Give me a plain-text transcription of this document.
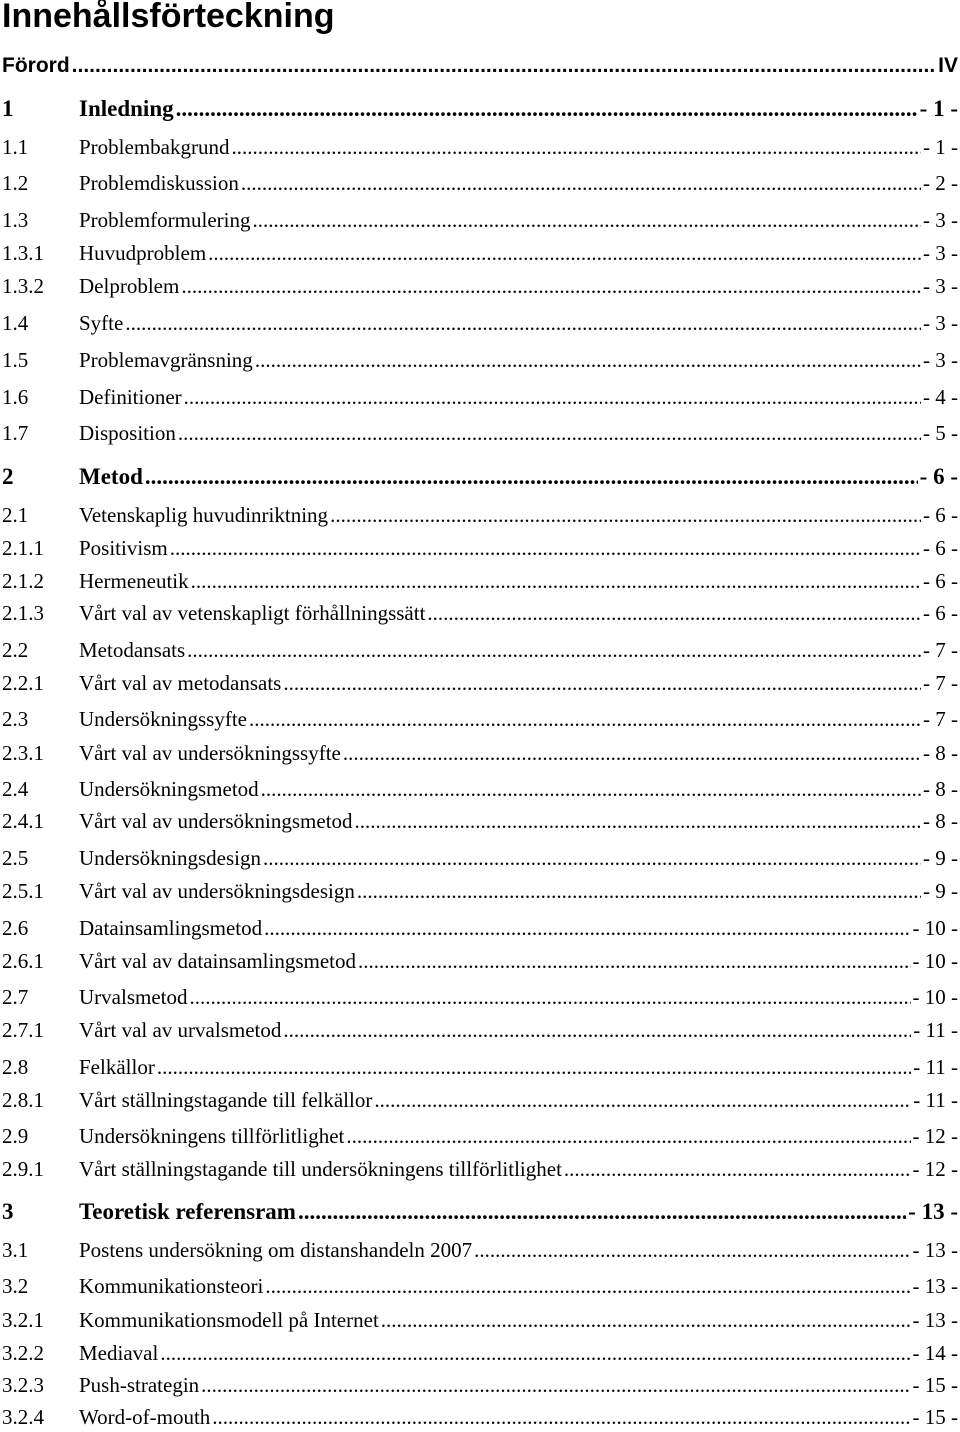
Innehållsförteckning
Förord .....	IV
1	Inledning .....	- 1 -
1.1	Problembakgrund .....	- 1 -
1.2	Problemdiskussion .....	- 2 -
1.3	Problemformulering .....	- 3 -
1.3.1	Huvudproblem .....	- 3 -
1.3.2	Delproblem .....	- 3 -
1.4	Syfte .....	- 3 -
1.5	Problemavgränsning .....	- 3 -
1.6	Definitioner .....	- 4 -
1.7	Disposition .....	- 5 -
2	Metod .....	- 6 -
2.1	Vetenskaplig huvudinriktning .....	- 6 -
2.1.1	Positivism .....	- 6 -
2.1.2	Hermeneutik .....	- 6 -
2.1.3	Vårt val av vetenskapligt förhållningssätt .....	- 6 -
2.2	Metodansats .....	- 7 -
2.2.1	Vårt val av metodansats .....	- 7 -
2.3	Undersökningssyfte .....	- 7 -
2.3.1	Vårt val av undersökningssyfte .....	- 8 -
2.4	Undersökningsmetod .....	- 8 -
2.4.1	Vårt val av undersökningsmetod .....	- 8 -
2.5	Undersökningsdesign .....	- 9 -
2.5.1	Vårt val av undersökningsdesign .....	- 9 -
2.6	Datainsamlingsmetod .....	- 10 -
2.6.1	Vårt val av datainsamlingsmetod .....	- 10 -
2.7	Urvalsmetod .....	- 10 -
2.7.1	Vårt val av urvalsmetod .....	- 11 -
2.8	Felkällor .....	- 11 -
2.8.1	Vårt ställningstagande till felkällor .....	- 11 -
2.9	Undersökningens tillförlitlighet .....	- 12 -
2.9.1	Vårt ställningstagande till undersökningens tillförlitlighet .....	- 12 -
3	Teoretisk referensram .....	- 13 -
3.1	Postens undersökning om distanshandeln 2007 .....	- 13 -
3.2	Kommunikationsteori .....	- 13 -
3.2.1	Kommunikationsmodell på Internet .....	- 13 -
3.2.2	Mediaval .....	- 14 -
3.2.3	Push-strategin .....	- 15 -
3.2.4	Word-of-mouth .....	- 15 -
